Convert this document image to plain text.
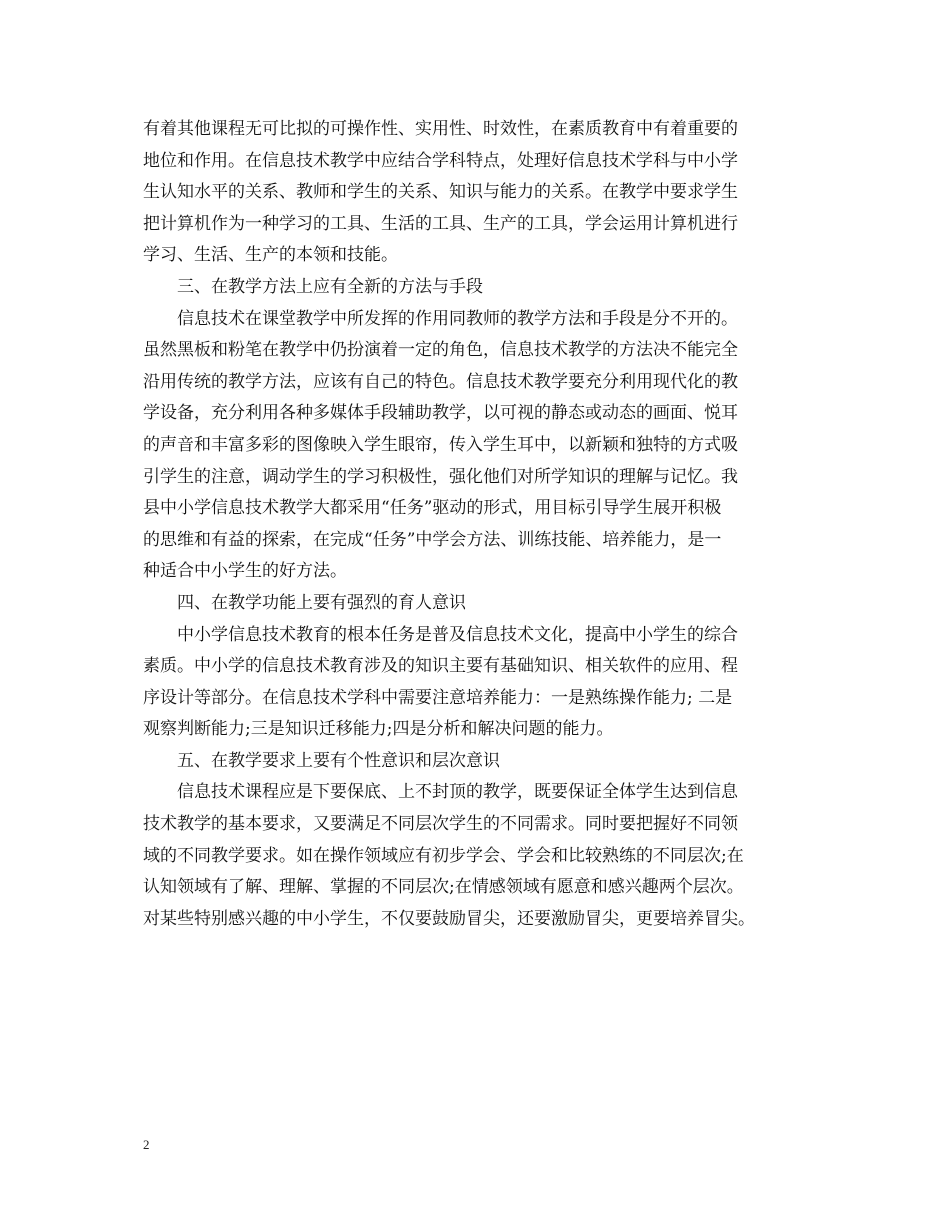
有着其他课程无可比拟的可操作性、实用性、时效性，在素质教育中有着重要的
地位和作用。在信息技术教学中应结合学科特点，处理好信息技术学科与中小学
生认知水平的关系、教师和学生的关系、知识与能力的关系。在教学中要求学生
把计算机作为一种学习的工具、生活的工具、生产的工具，学会运用计算机进行
学习、生活、生产的本领和技能。

三、在教学方法上应有全新的方法与手段

信息技术在课堂教学中所发挥的作用同教师的教学方法和手段是分不开的。
虽然黑板和粉笔在教学中仍扮演着一定的角色，信息技术教学的方法决不能完全
沿用传统的教学方法，应该有自己的特色。信息技术教学要充分利用现代化的教
学设备，充分利用各种多媒体手段辅助教学，以可视的静态或动态的画面、悦耳
的声音和丰富多彩的图像映入学生眼帘，传入学生耳中，以新颖和独特的方式吸
引学生的注意，调动学生的学习积极性，强化他们对所学知识的理解与记忆。我
县中小学信息技术教学大都采用“任务”驱动的形式，用目标引导学生展开积极
的思维和有益的探索，在完成“任务”中学会方法、训练技能、培养能力，是一
种适合中小学生的好方法。

四、在教学功能上要有强烈的育人意识

中小学信息技术教育的根本任务是普及信息技术文化，提高中小学生的综合
素质。中小学的信息技术教育涉及的知识主要有基础知识、相关软件的应用、程
序设计等部分。在信息技术学科中需要注意培养能力：一是熟练操作能力; 二是
观察判断能力;三是知识迁移能力;四是分析和解决问题的能力。

五、在教学要求上要有个性意识和层次意识

信息技术课程应是下要保底、上不封顶的教学，既要保证全体学生达到信息
技术教学的基本要求，又要满足不同层次学生的不同需求。同时要把握好不同领
域的不同教学要求。如在操作领域应有初步学会、学会和比较熟练的不同层次;在
认知领域有了解、理解、掌握的不同层次;在情感领域有愿意和感兴趣两个层次。
对某些特别感兴趣的中小学生，不仅要鼓励冒尖，还要激励冒尖，更要培养冒尖。

2
